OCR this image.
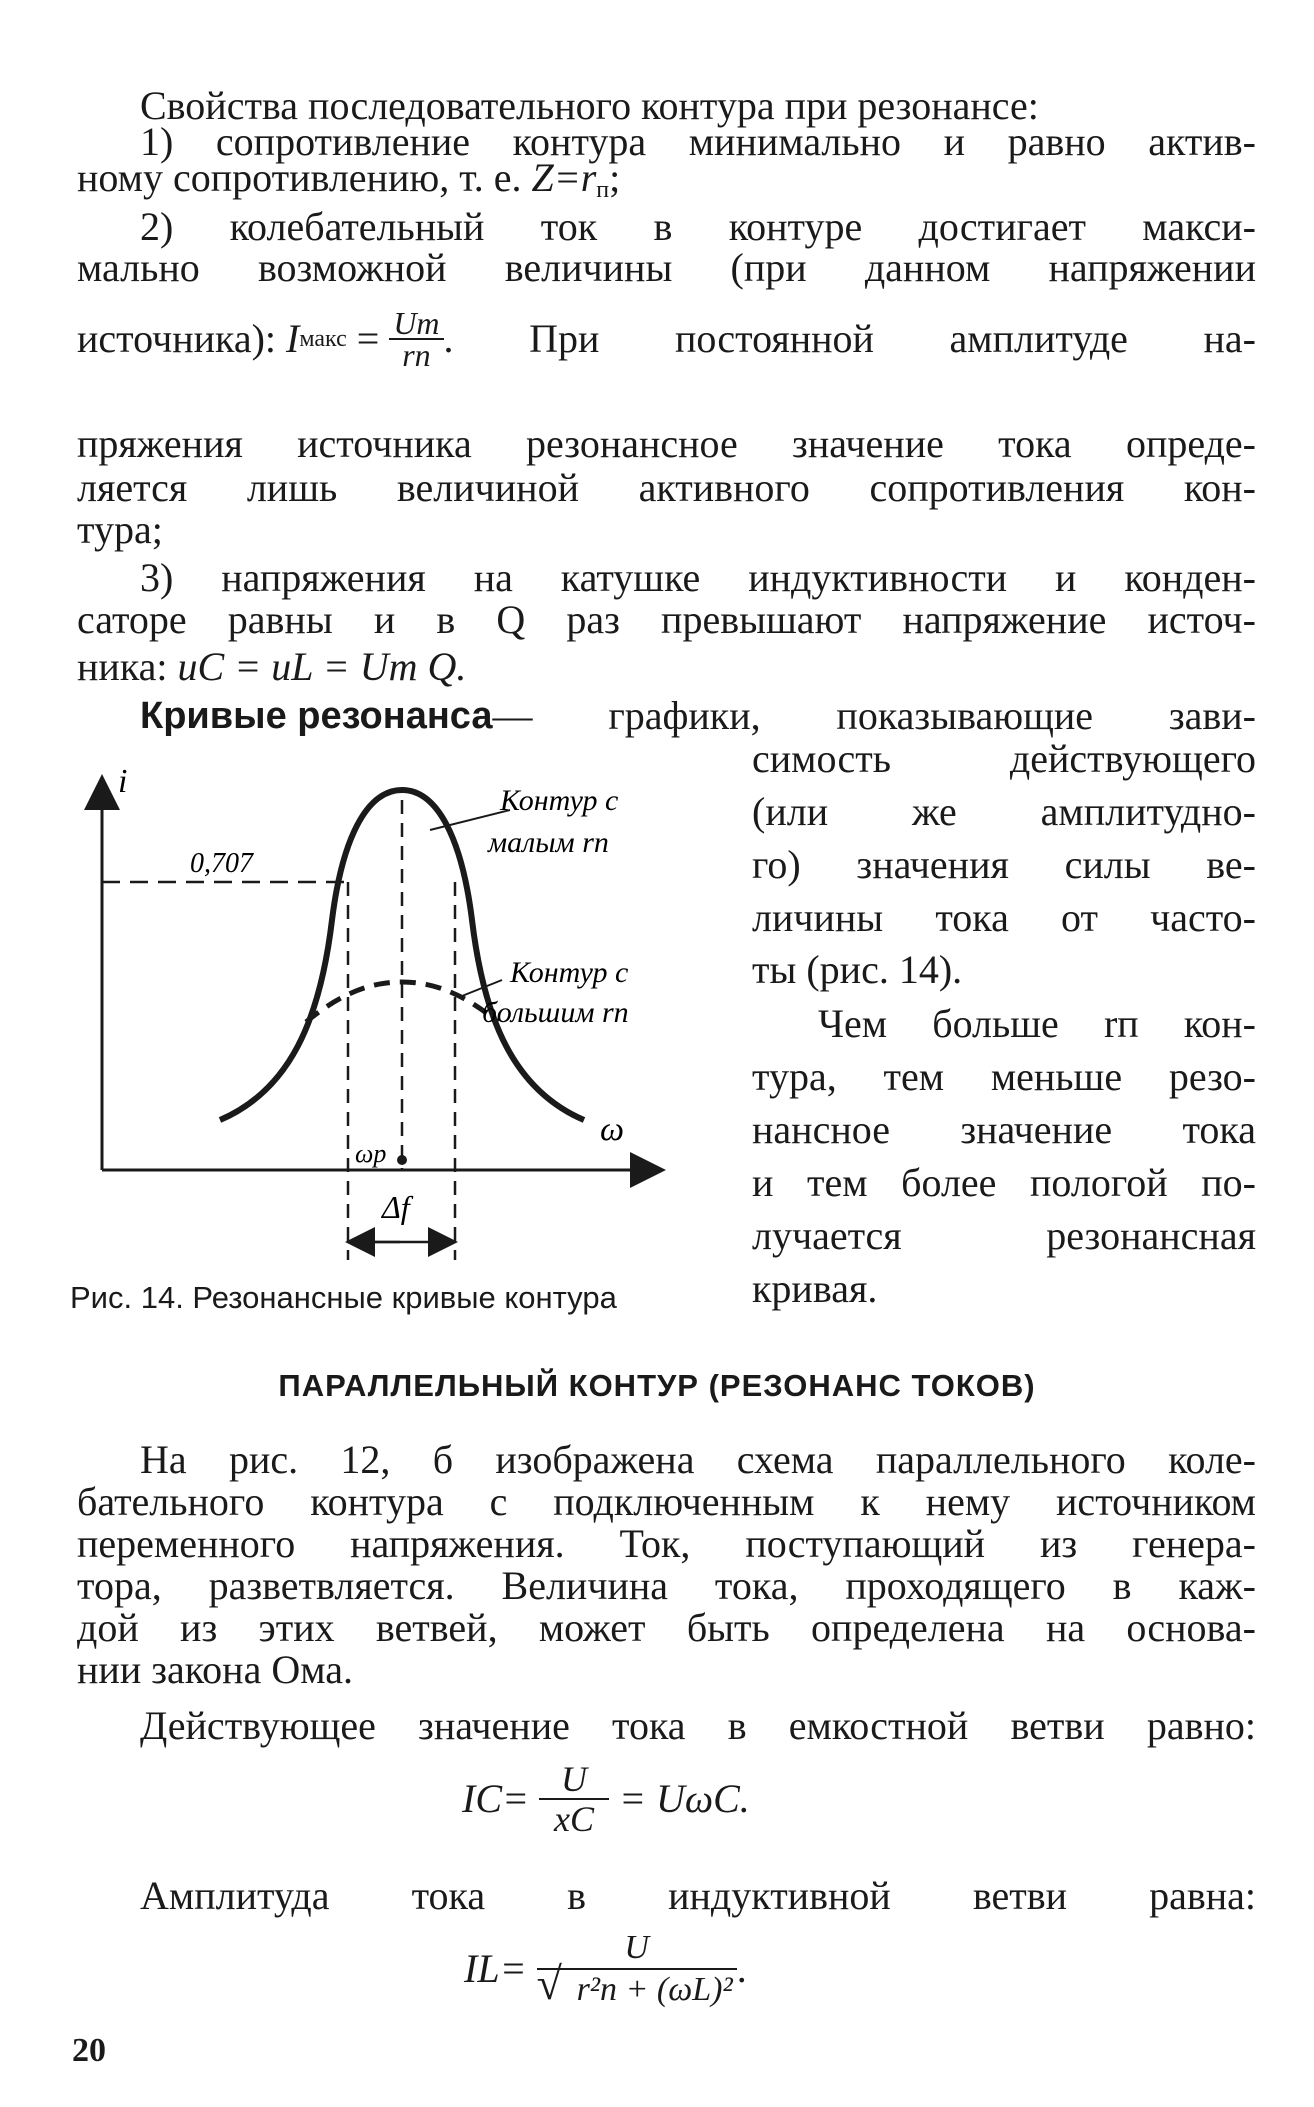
Свойства последовательного контура при резонансе:
1) сопротивление контура минимально и равно актив-
ному сопротивлению, т. е. $Z=r_п$;
2) колебательный ток в контуре достигает макси-
мально возможной величины (при данном напряжении
источника):
I макс
=
$\frac{Um}{rп}$ . При постоянной амплитуде на-
пряжения источника резонансное значение тока опреде-
ляется лишь величиной активного сопротивления кон-
тура;
3) напряжения на катушке индуктивности и конден-
саторе равны и в Q раз превышают напряжение источ-
ника: uC = uL = Um Q.
Кривые резонанса — графики, показывающие зави-
симость действующего
(или же амплитудно-
го) значения силы ве-
личины тока от часто-
ты (рис. 14).
Чем больше rп кон-
тура, тем меньше резо-
нансное значение тока
и тем более пологой по-
лучается резонансная
кривая.
i
ω
0,707
Контур с
малым rп
Контур с
большим rп
ωp
Δf
Рис. 14. Резонансные кривые контура
ПАРАЛЛЕЛЬНЫЙ КОНТУР (РЕЗОНАНС ТОКОВ)
На рис. 12, б изображена схема параллельного коле-
бательного контура с подключенным к нему источником
переменного напряжения. Ток, поступающий из генера-
тора, разветвляется. Величина тока, проходящего в каж-
дой из этих ветвей, может быть определена на основа-
нии закона Ома.
Действующее значение тока в емкостной ветви равно:
IC=
$\frac{U}{xC}$
= UωC.
Амплитуда тока в индуктивной ветви равна:
IL=
$\frac{U}{\text{√ r²п + (ωL)²}}$ .
20
